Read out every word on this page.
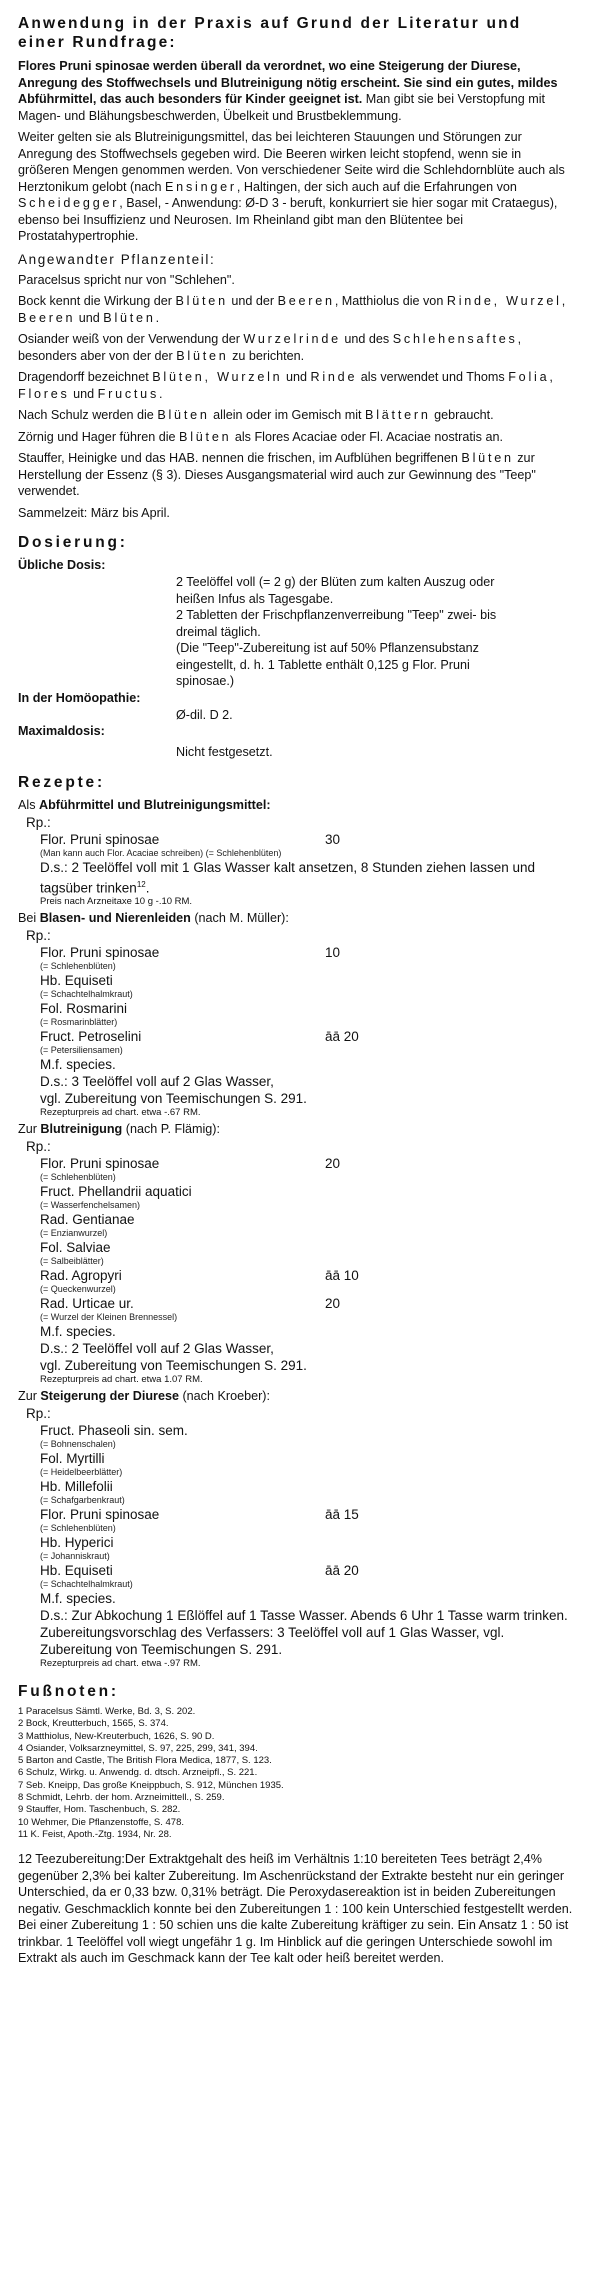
Anwendung in der Praxis auf Grund der Literatur und einer Rundfrage:

Flores Pruni spinosae werden überall da verordnet, wo eine Steigerung der Diurese, Anregung des Stoffwechsels und Blutreinigung nötig erscheint. Sie sind ein gutes, mildes Abführmittel, das auch besonders für Kinder geeignet ist. Man gibt sie bei Verstopfung mit Magen- und Blähungsbeschwerden, Übelkeit und Brustbeklemmung.

Weiter gelten sie als Blutreinigungsmittel, das bei leichteren Stauungen und Störungen zur Anregung des Stoffwechsels gegeben wird. Die Beeren wirken leicht stopfend, wenn sie in größeren Mengen genommen werden. Von verschiedener Seite wird die Schlehdornblüte auch als Herztonikum gelobt (nach Ensinger, Haltingen, der sich auch auf die Erfahrungen von Scheidegger, Basel, - Anwendung: Ø-D 3 - beruft, konkurriert sie hier sogar mit Crataegus), ebenso bei Insuffizienz und Neurosen. Im Rheinland gibt man den Blütentee bei Prostatahypertrophie.

Angewandter Pflanzenteil:

Paracelsus spricht nur von "Schlehen".

Bock kennt die Wirkung der Blüten und der Beeren, Matthiolus die von Rinde, Wurzel, Beeren und Blüten.

Osiander weiß von der Verwendung der Wurzelrinde und des Schlehensaftes, besonders aber von der der Blüten zu berichten.

Dragendorff bezeichnet Blüten, Wurzeln und Rinde als verwendet und Thoms Folia, Flores und Fructus.

Nach Schulz werden die Blüten allein oder im Gemisch mit Blättern gebraucht.

Zörnig und Hager führen die Blüten als Flores Acaciae oder Fl. Acaciae nostratis an.

Stauffer, Heinigke und das HAB. nennen die frischen, im Aufblühen begriffenen Blüten zur Herstellung der Essenz (§ 3). Dieses Ausgangsmaterial wird auch zur Gewinnung des "Teep" verwendet.

Sammelzeit: März bis April.

Dosierung:
Übliche Dosis:
2 Teelöffel voll (= 2 g) der Blüten zum kalten Auszug oder heißen Infus als Tagesgabe.
2 Tabletten der Frischpflanzenverreibung "Teep" zwei- bis dreimal täglich.
(Die "Teep"-Zubereitung ist auf 50% Pflanzensubstanz eingestellt, d. h. 1 Tablette enthält 0,125 g Flor. Pruni spinosae.)
In der Homöopathie:
Ø-dil. D 2.
Maximaldosis:
Nicht festgesetzt.
Rezepte:
Als Abführmittel und Blutreinigungsmittel:
Rp.:
Flor. Pruni spinosae	30
(Man kann auch Flor. Acaciae schreiben) (= Schlehenblüten)
D.s.: 2 Teelöffel voll mit 1 Glas Wasser kalt ansetzen, 8 Stunden ziehen lassen und tagsüber trinken$^{12}$.
Preis nach Arzneitaxe 10 g -.10 RM.
Bei Blasen- und Nierenleiden (nach M. Müller):
Rp.:
Flor. Pruni spinosae	10
(= Schlehenblüten)
Hb. Equiseti
(= Schachtelhalmkraut)
Fol. Rosmarini
(= Rosmarinblätter)
Fruct. Petroselini	āā 20
(= Petersiliensamen)
M.f. species.
D.s.: 3 Teelöffel voll auf 2 Glas Wasser,
vgl. Zubereitung von Teemischungen S. 291.
Rezepturpreis ad chart. etwa -.67 RM.
Zur Blutreinigung (nach P. Flämig):
Rp.:
Flor. Pruni spinosae	20
(= Schlehenblüten)
Fruct. Phellandrii aquatici
(= Wasserfenchelsamen)
Rad. Gentianae
(= Enzianwurzel)
Fol. Salviae
(= Salbeiblätter)
Rad. Agropyri	āā 10
(= Queckenwurzel)
Rad. Urticae ur.	20
(= Wurzel der Kleinen Brennessel)
M.f. species.
D.s.: 2 Teelöffel voll auf 2 Glas Wasser,
vgl. Zubereitung von Teemischungen S. 291.
Rezepturpreis ad chart. etwa 1.07 RM.
Zur Steigerung der Diurese (nach Kroeber):
Rp.:
Fruct. Phaseoli sin. sem.
(= Bohnenschalen)
Fol. Myrtilli
(= Heidelbeerblätter)
Hb. Millefolii
(= Schafgarbenkraut)
Flor. Pruni spinosae	āā 15
(= Schlehenblüten)
Hb. Hyperici
(= Johanniskraut)
Hb. Equiseti	āā 20
(= Schachtelhalmkraut)
M.f. species.
D.s.: Zur Abkochung 1 Eßlöffel auf 1 Tasse Wasser. Abends 6 Uhr 1 Tasse warm trinken.
Zubereitungsvorschlag des Verfassers: 3 Teelöffel voll auf 1 Glas Wasser, vgl. Zubereitung von Teemischungen S. 291.
Rezepturpreis ad chart. etwa -.97 RM.
Fußnoten:

1 Paracelsus Sämtl. Werke, Bd. 3, S. 202.

2 Bock, Kreutterbuch, 1565, S. 374.

3 Matthiolus, New-Kreuterbuch, 1626, S. 90 D.

4 Osiander, Volksarzneymittel, S. 97, 225, 299, 341, 394.

5 Barton and Castle, The British Flora Medica, 1877, S. 123.

6 Schulz, Wirkg. u. Anwendg. d. dtsch. Arzneipfl., S. 221.

7 Seb. Kneipp, Das große Kneippbuch, S. 912, München 1935.

8 Schmidt, Lehrb. der hom. Arzneimittell., S. 259.

9 Stauffer, Hom. Taschenbuch, S. 282.

10 Wehmer, Die Pflanzenstoffe, S. 478.

11 K. Feist, Apoth.-Ztg. 1934, Nr. 28.

12 Teezubereitung:Der Extraktgehalt des heiß im Verhältnis 1:10 bereiteten Tees beträgt 2,4% gegenüber 2,3% bei kalter Zubereitung. Im Aschenrückstand der Extrakte besteht nur ein geringer Unterschied, da er 0,33 bzw. 0,31% beträgt. Die Peroxydasereaktion ist in beiden Zubereitungen negativ. Geschmacklich konnte bei den Zubereitungen 1 : 100 kein Unterschied festgestellt werden. Bei einer Zubereitung 1 : 50 schien uns die kalte Zubereitung kräftiger zu sein. Ein Ansatz 1 : 50 ist trinkbar. 1 Teelöffel voll wiegt ungefähr 1 g. Im Hinblick auf die geringen Unterschiede sowohl im Extrakt als auch im Geschmack kann der Tee kalt oder heiß bereitet werden.
